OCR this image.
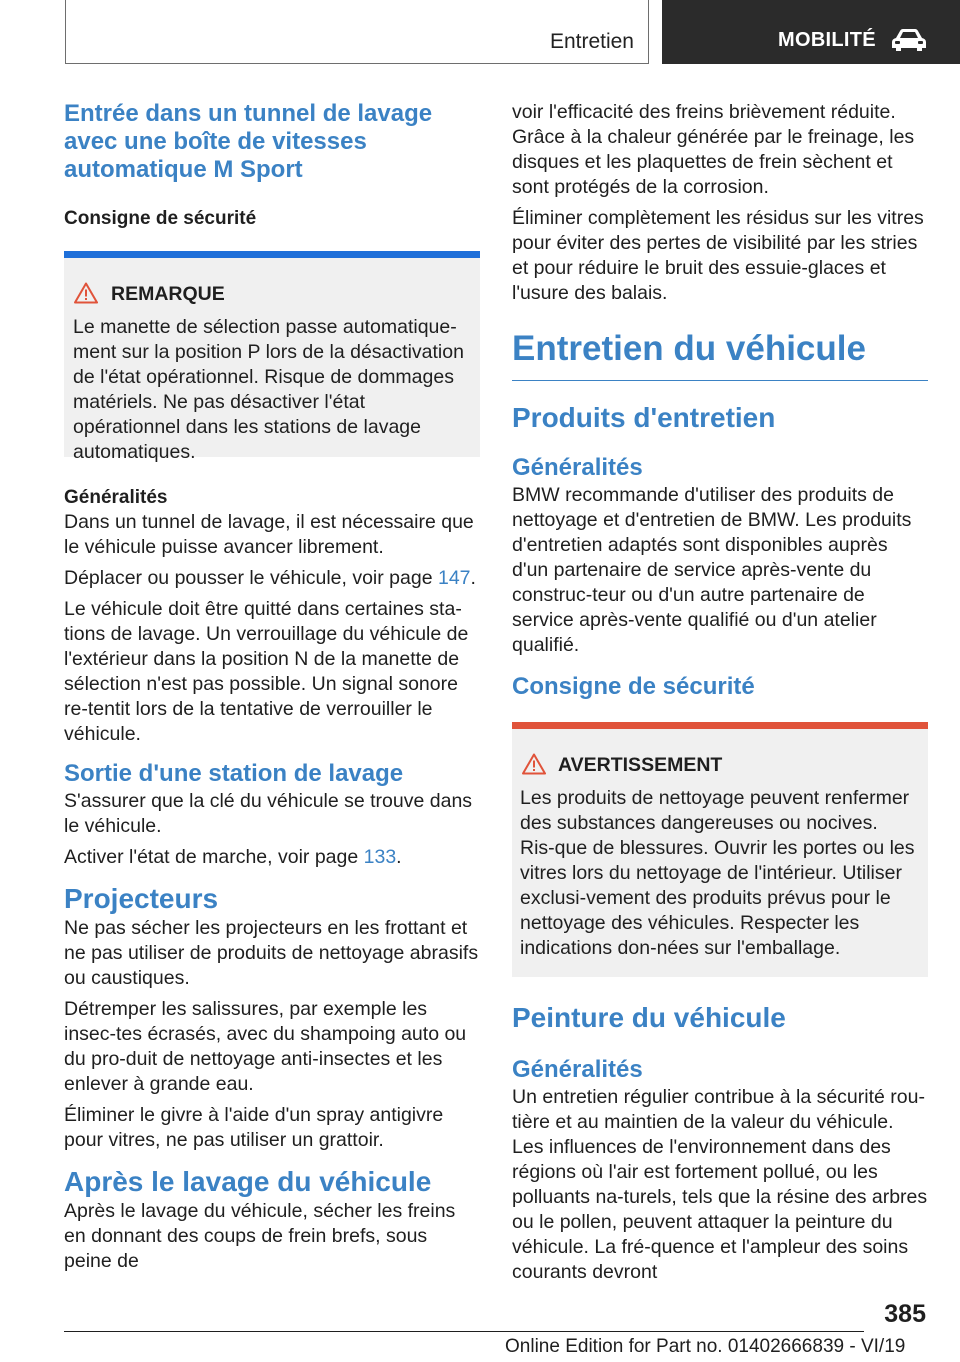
Entretien	MOBILITÉ
Entrée dans un tunnel de lavage avec une boîte de vitesses automatique M Sport
Consigne de sécurité
REMARQUE

Le manette de sélection passe automatique-ment sur la position P lors de la désactivation de l'état opérationnel. Risque de dommages matériels. Ne pas désactiver l'état opérationnel dans les stations de lavage automatiques.

Généralités

Dans un tunnel de lavage, il est nécessaire que le véhicule puisse avancer librement.

Déplacer ou pousser le véhicule, voir page 147.

Le véhicule doit être quitté dans certaines sta-tions de lavage. Un verrouillage du véhicule de l'extérieur dans la position N de la manette de sélection n'est pas possible. Un signal sonore re-tentit lors de la tentative de verrouiller le véhicule.

Sortie d'une station de lavage

S'assurer que la clé du véhicule se trouve dans le véhicule.

Activer l'état de marche, voir page 133.

Projecteurs

Ne pas sécher les projecteurs en les frottant et ne pas utiliser de produits de nettoyage abrasifs ou caustiques.

Détremper les salissures, par exemple les insec-tes écrasés, avec du shampoing auto ou du pro-duit de nettoyage anti-insectes et les enlever à grande eau.

Éliminer le givre à l'aide d'un spray antigivre pour vitres, ne pas utiliser un grattoir.

Après le lavage du véhicule

Après le lavage du véhicule, sécher les freins en donnant des coups de frein brefs, sous peine de

voir l'efficacité des freins brièvement réduite. Grâce à la chaleur générée par le freinage, les disques et les plaquettes de frein sèchent et sont protégés de la corrosion.

Éliminer complètement les résidus sur les vitres pour éviter des pertes de visibilité par les stries et pour réduire le bruit des essuie-glaces et l'usure des balais.

Entretien du véhicule
Produits d'entretien
Généralités

BMW recommande d'utiliser des produits de nettoyage et d'entretien de BMW. Les produits d'entretien adaptés sont disponibles auprès d'un partenaire de service après-vente du construc-teur ou d'un autre partenaire de service après-vente qualifié ou d'un atelier qualifié.

Consigne de sécurité
AVERTISSEMENT

Les produits de nettoyage peuvent renfermer des substances dangereuses ou nocives. Ris-que de blessures. Ouvrir les portes ou les vitres lors du nettoyage de l'intérieur. Utiliser exclusi-vement des produits prévus pour le nettoyage des véhicules. Respecter les indications don-nées sur l'emballage.

Peinture du véhicule
Généralités

Un entretien régulier contribue à la sécurité rou-tière et au maintien de la valeur du véhicule. Les influences de l'environnement dans des régions où l'air est fortement pollué, ou les polluants na-turels, tels que la résine des arbres ou le pollen, peuvent attaquer la peinture du véhicule. La fré-quence et l'ampleur des soins courants devront

385
Online Edition for Part no. 01402666839 - VI/19
